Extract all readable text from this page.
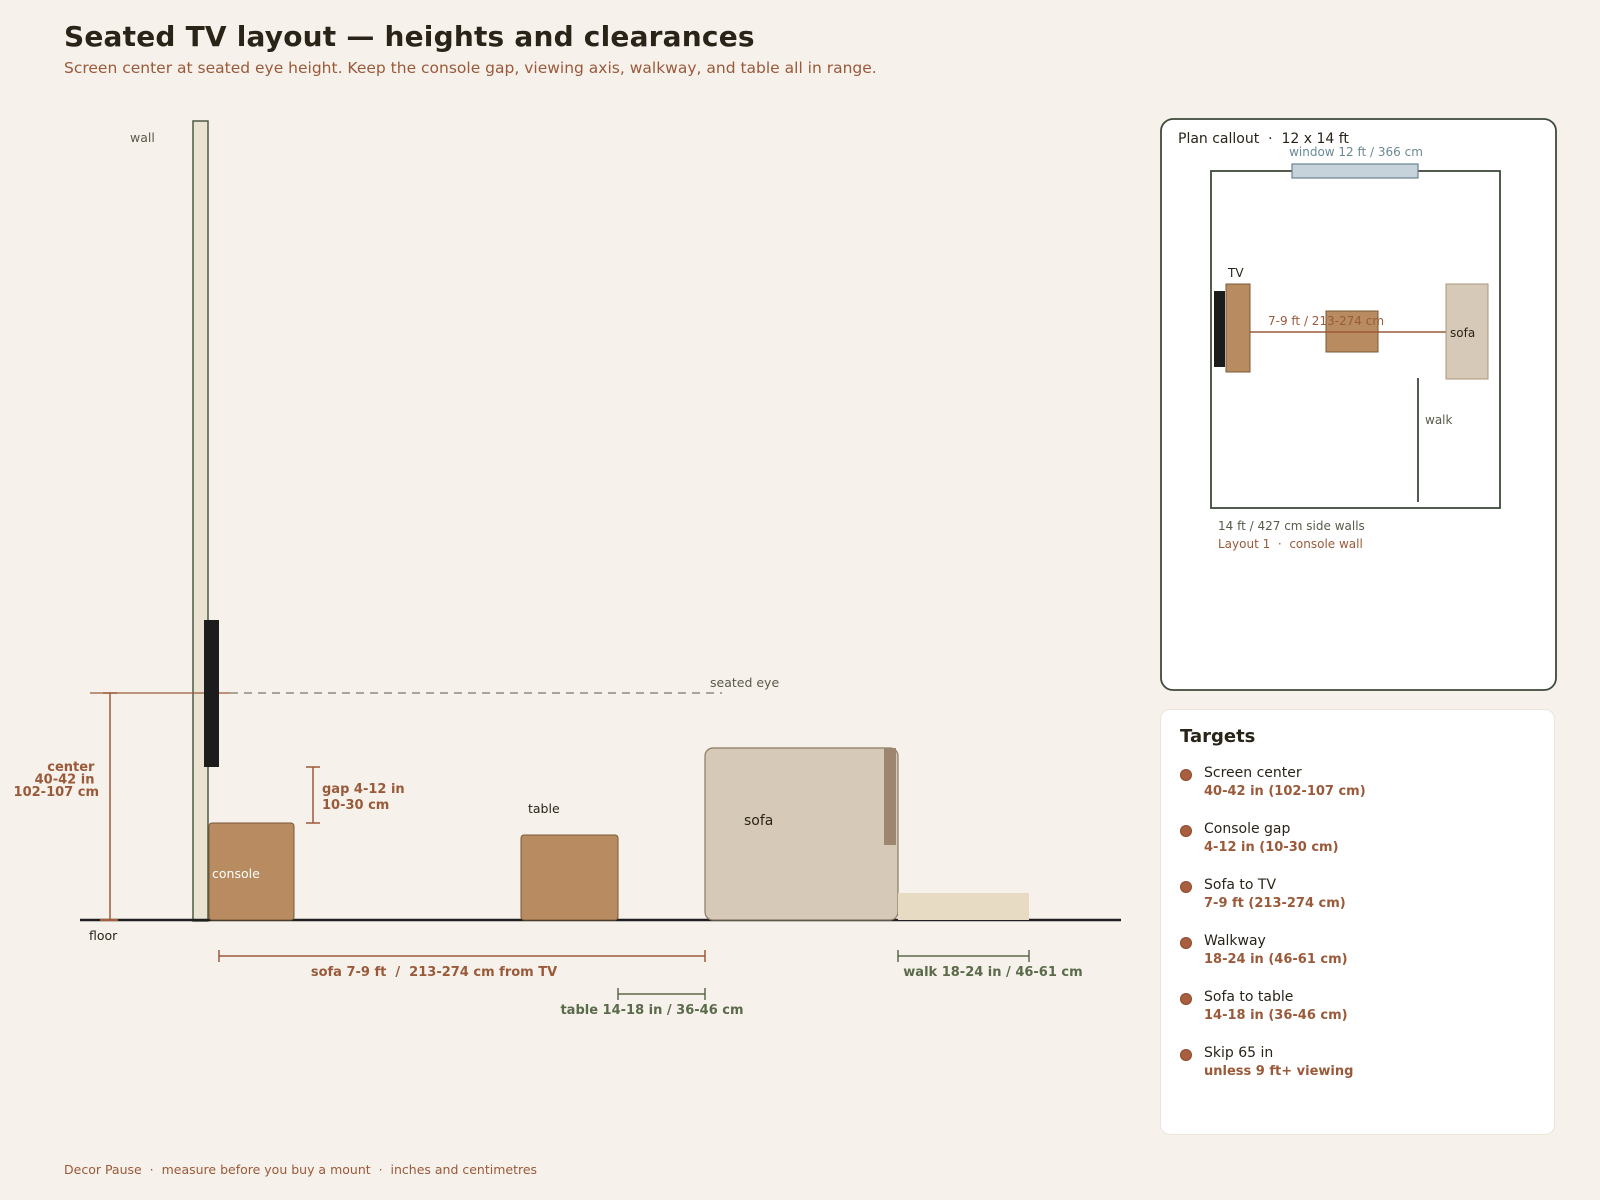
Seated TV layout — heights and clearances
Screen center at seated eye height. Keep the console gap, viewing axis, walkway, and table all in range.
wall
floor
seated eye
center 40-42 in 102-107 cm
console
gap 4-12 in 10-30 cm	table
sofa
sofa 7-9 ft  /  213-274 cm from TV
table 14-18 in / 36-46 cm
walk 18-24 in / 46-61 cm
Plan callout  ·  12 x 14 ft
window 12 ft / 366 cm
TV
7-9 ft / 213-274 cm
sofa
walk
14 ft / 427 cm side walls
Layout 1  ·  console wall
Targets
Screen center
40-42 in (102-107 cm)
Console gap
4-12 in (10-30 cm)
Sofa to TV
7-9 ft (213-274 cm)
Walkway
18-24 in (46-61 cm)
Sofa to table
14-18 in (36-46 cm)
Skip 65 in
unless 9 ft+ viewing
Decor Pause  ·  measure before you buy a mount  ·  inches and centimetres
